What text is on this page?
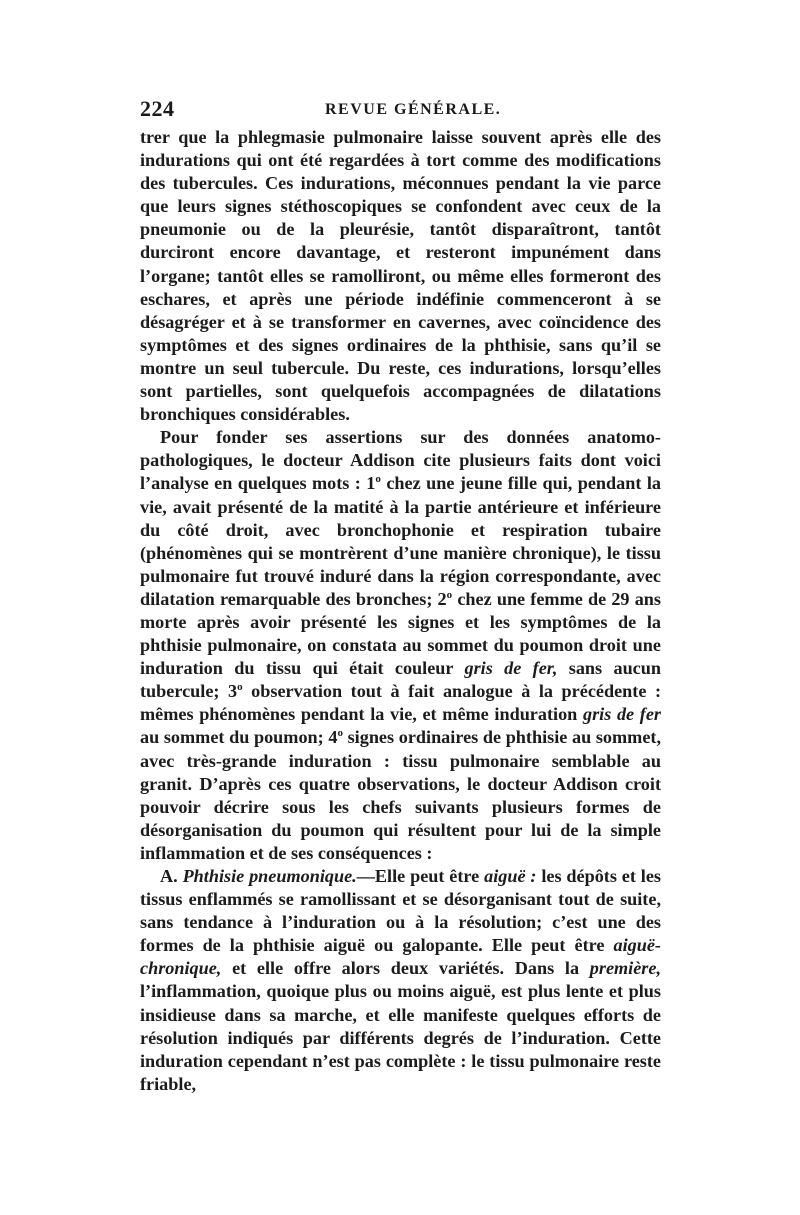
224	REVUE GÉNÉRALE.

trer que la phlegmasie pulmonaire laisse souvent après elle des indurations qui ont été regardées à tort comme des modifications des tubercules. Ces indurations, méconnues pendant la vie parce que leurs signes stéthoscopiques se confondent avec ceux de la pneumonie ou de la pleurésie, tantôt disparaîtront, tantôt durciront encore davantage, et resteront impunément dans l’organe; tantôt elles se ramolliront, ou même elles formeront des eschares, et après une période indéfinie commenceront à se désagréger et à se transformer en cavernes, avec coïncidence des symptômes et des signes ordinaires de la phthisie, sans qu’il se montre un seul tubercule. Du reste, ces indurations, lorsqu’elles sont partielles, sont quelquefois accompagnées de dilatations bronchiques considérables.

Pour fonder ses assertions sur des données anatomo-pathologiques, le docteur Addison cite plusieurs faits dont voici l’analyse en quelques mots : 1$^o$ chez une jeune fille qui, pendant la vie, avait présenté de la matité à la partie antérieure et inférieure du côté droit, avec bronchophonie et respiration tubaire (phénomènes qui se montrèrent d’une manière chronique), le tissu pulmonaire fut trouvé induré dans la région correspondante, avec dilatation remarquable des bronches; 2$^o$ chez une femme de 29 ans morte après avoir présenté les signes et les symptômes de la phthisie pulmonaire, on constata au sommet du poumon droit une induration du tissu qui était couleur gris de fer, sans aucun tubercule; 3$^o$ observation tout à fait analogue à la précédente : mêmes phénomènes pendant la vie, et même induration gris de fer au sommet du poumon; 4$^o$ signes ordinaires de phthisie au sommet, avec très-grande induration : tissu pulmonaire semblable au granit. D’après ces quatre observations, le docteur Addison croit pouvoir décrire sous les chefs suivants plusieurs formes de désorganisation du poumon qui résultent pour lui de la simple inflammation et de ses conséquences :

A. Phthisie pneumonique.—Elle peut être aiguë : les dépôts et les tissus enflammés se ramollissant et se désorganisant tout de suite, sans tendance à l’induration ou à la résolution; c’est une des formes de la phthisie aiguë ou galopante. Elle peut être aiguë-chronique, et elle offre alors deux variétés. Dans la première, l’inflammation, quoique plus ou moins aiguë, est plus lente et plus insidieuse dans sa marche, et elle manifeste quelques efforts de résolution indiqués par différents degrés de l’induration. Cette induration cependant n’est pas complète : le tissu pulmonaire reste friable,
